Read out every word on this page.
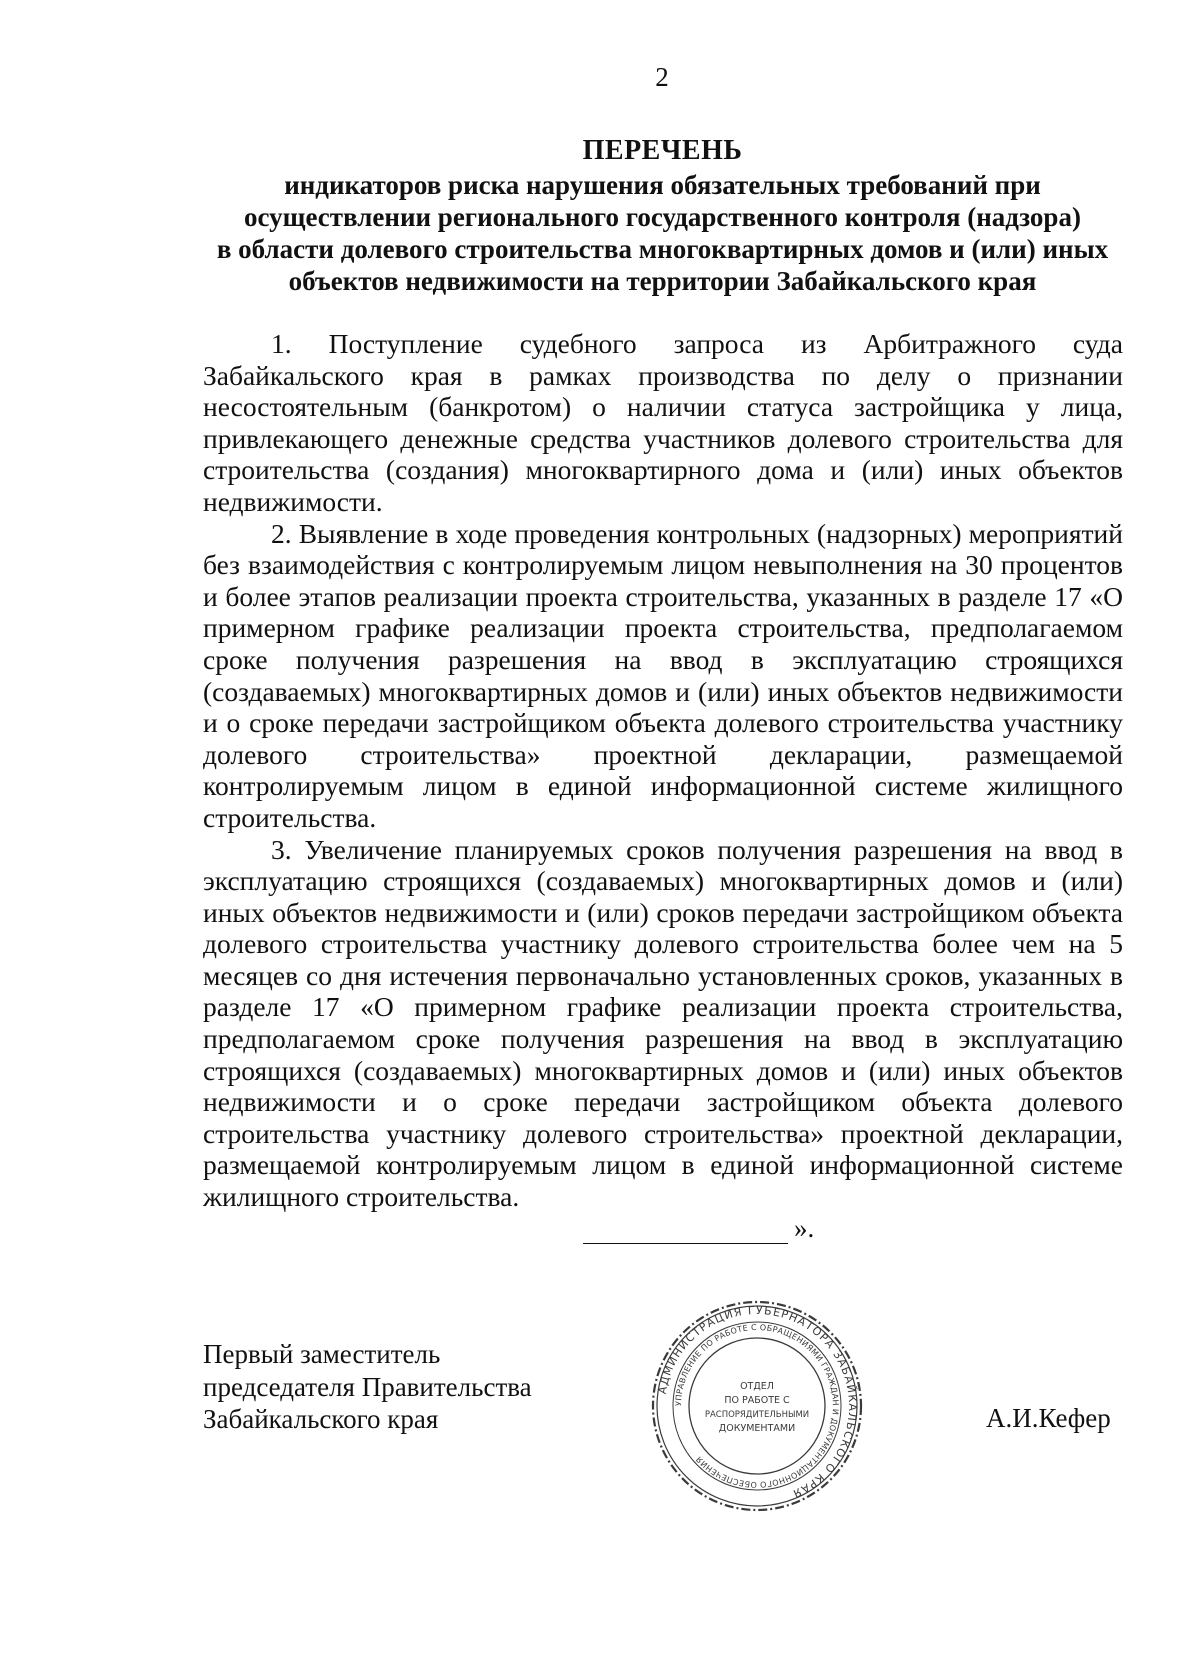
2
ПЕРЕЧЕНЬ
индикаторов риска нарушения обязательных требований при
осуществлении регионального государственного контроля (надзора)
в области долевого строительства многоквартирных домов и (или) иных
объектов недвижимости на территории Забайкальского края

1. Поступление судебного запроса из Арбитражного суда Забайкальского края в рамках производства по делу о признании несостоятельным (банкротом) о наличии статуса застройщика у лица, привлекающего денежные средства участников долевого строительства для строительства (создания) многоквартирного дома и (или) иных объектов недвижимости.

2. Выявление в ходе проведения контрольных (надзорных) мероприятий без взаимодействия с контролируемым лицом невыполнения на 30 процентов и более этапов реализации проекта строительства, указанных в разделе 17 «О примерном графике реализации проекта строительства, предполагаемом сроке получения разрешения на ввод в эксплуатацию строящихся (создаваемых) многоквартирных домов и (или) иных объектов недвижимости и о сроке передачи застройщиком объекта долевого строительства участнику долевого строительства» проектной декларации, размещаемой контролируемым лицом в единой информационной системе жилищного строительства.

3. Увеличение планируемых сроков получения разрешения на ввод в эксплуатацию строящихся (создаваемых) многоквартирных домов и (или) иных объектов недвижимости и (или) сроков передачи застройщиком объекта долевого строительства участнику долевого строительства более чем на 5 месяцев со дня истечения первоначально установленных сроков, указанных в разделе 17 «О примерном графике реализации проекта строительства, предполагаемом сроке получения разрешения на ввод в эксплуатацию строящихся (создаваемых) многоквартирных домов и (или) иных объектов недвижимости и о сроке передачи застройщиком объекта долевого строительства участнику долевого строительства» проектной декларации, размещаемой контролируемым лицом в единой информационной системе жилищного строительства.

».
Первый заместитель
председателя Правительства
Забайкальского края	А.И.Кефер
АДМИНИСТРАЦИЯ ГУБЕРНАТОРА ЗАБАЙКАЛЬСКОГО КРАЯ
УПРАВЛЕНИЕ ПО РАБОТЕ С ОБРАЩЕНИЯМИ ГРАЖДАН И ДОКУМЕНТАЦИОННОГО ОБЕСПЕЧЕНИЯ
ОТДЕЛ
ПО РАБОТЕ С
РАСПОРЯДИТЕЛЬНЫМИ
ДОКУМЕНТАМИ
